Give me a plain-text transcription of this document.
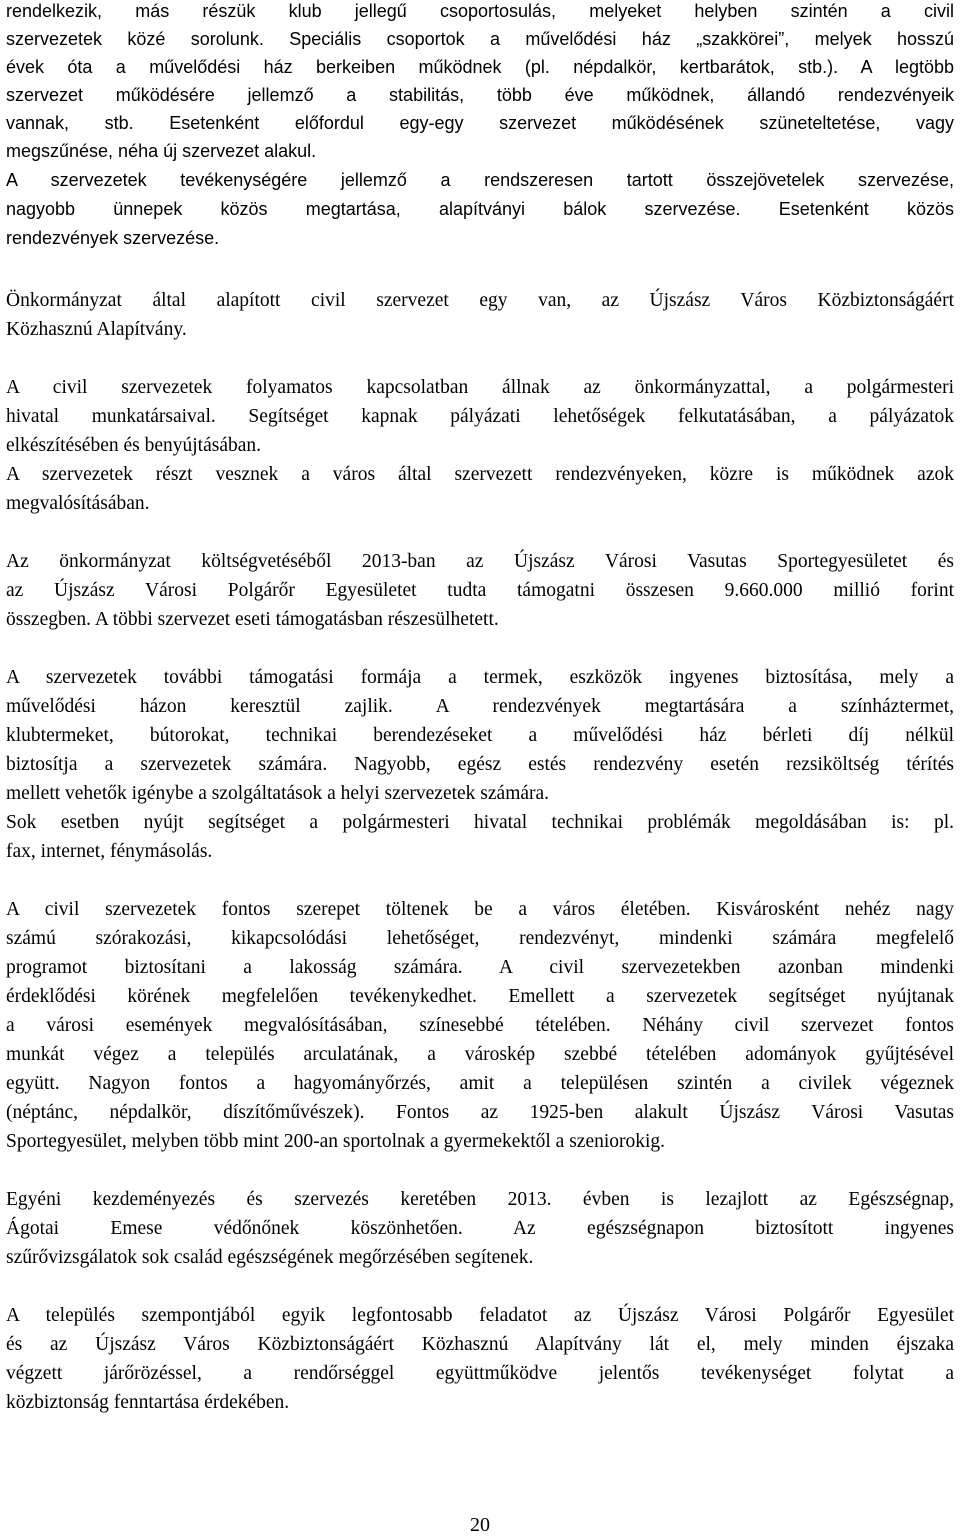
rendelkezik, más részük klub jellegű csoportosulás, melyeket helyben szintén a civil
szervezetek közé sorolunk. Speciális csoportok a művelődési ház „szakkörei”, melyek hosszú
évek óta a művelődési ház berkeiben működnek (pl. népdalkör, kertbarátok, stb.). A legtöbb
szervezet működésére jellemző a stabilitás, több éve működnek, állandó rendezvényeik
vannak, stb. Esetenként előfordul egy-egy szervezet működésének szüneteltetése, vagy
megszűnése, néha új szervezet alakul.
A szervezetek tevékenységére jellemző a rendszeresen tartott összejövetelek szervezése,
nagyobb ünnepek közös megtartása, alapítványi bálok szervezése. Esetenként közös
rendezvények szervezése.
Önkormányzat által alapított civil szervezet egy van, az Újszász Város Közbiztonságáért
Közhasznú Alapítvány.
A civil szervezetek folyamatos kapcsolatban állnak az önkormányzattal, a polgármesteri
hivatal munkatársaival. Segítséget kapnak pályázati lehetőségek felkutatásában, a pályázatok
elkészítésében és benyújtásában.
A szervezetek részt vesznek a város által szervezett rendezvényeken, közre is működnek azok
megvalósításában.
Az önkormányzat költségvetéséből 2013-ban az Újszász Városi Vasutas Sportegyesületet és
az Újszász Városi Polgárőr Egyesületet tudta támogatni összesen 9.660.000 millió forint
összegben. A többi szervezet eseti támogatásban részesülhetett.
A szervezetek további támogatási formája a termek, eszközök ingyenes biztosítása, mely a
művelődési házon keresztül zajlik. A rendezvények megtartására a színháztermet,
klubtermeket, bútorokat, technikai berendezéseket a művelődési ház bérleti díj nélkül
biztosítja a szervezetek számára. Nagyobb, egész estés rendezvény esetén rezsiköltség térítés
mellett vehetők igénybe a szolgáltatások a helyi szervezetek számára.
Sok esetben nyújt segítséget a polgármesteri hivatal technikai problémák megoldásában is: pl.
fax, internet, fénymásolás.
A civil szervezetek fontos szerepet töltenek be a város életében. Kisvárosként nehéz nagy
számú szórakozási, kikapcsolódási lehetőséget, rendezvényt, mindenki számára megfelelő
programot biztosítani a lakosság számára. A civil szervezetekben azonban mindenki
érdeklődési körének megfelelően tevékenykedhet. Emellett a szervezetek segítséget nyújtanak
a városi események megvalósításában, színesebbé tételében. Néhány civil szervezet fontos
munkát végez a település arculatának, a városkép szebbé tételében adományok gyűjtésével
együtt. Nagyon fontos a hagyományőrzés, amit a településen szintén a civilek végeznek
(néptánc, népdalkör, díszítőművészek). Fontos az 1925-ben alakult Újszász Városi Vasutas
Sportegyesület, melyben több mint 200-an sportolnak a gyermekektől a szeniorokig.
Egyéni kezdeményezés és szervezés keretében 2013. évben is lezajlott az Egészségnap,
Ágotai Emese védőnőnek köszönhetően. Az egészségnapon biztosított ingyenes
szűrővizsgálatok sok család egészségének megőrzésében segítenek.
A település szempontjából egyik legfontosabb feladatot az Újszász Városi Polgárőr Egyesület
és az Újszász Város Közbiztonságáért Közhasznú Alapítvány lát el, mely minden éjszaka
végzett járőrözéssel, a rendőrséggel együttműködve jelentős tevékenységet folytat a
közbiztonság fenntartása érdekében.
20
